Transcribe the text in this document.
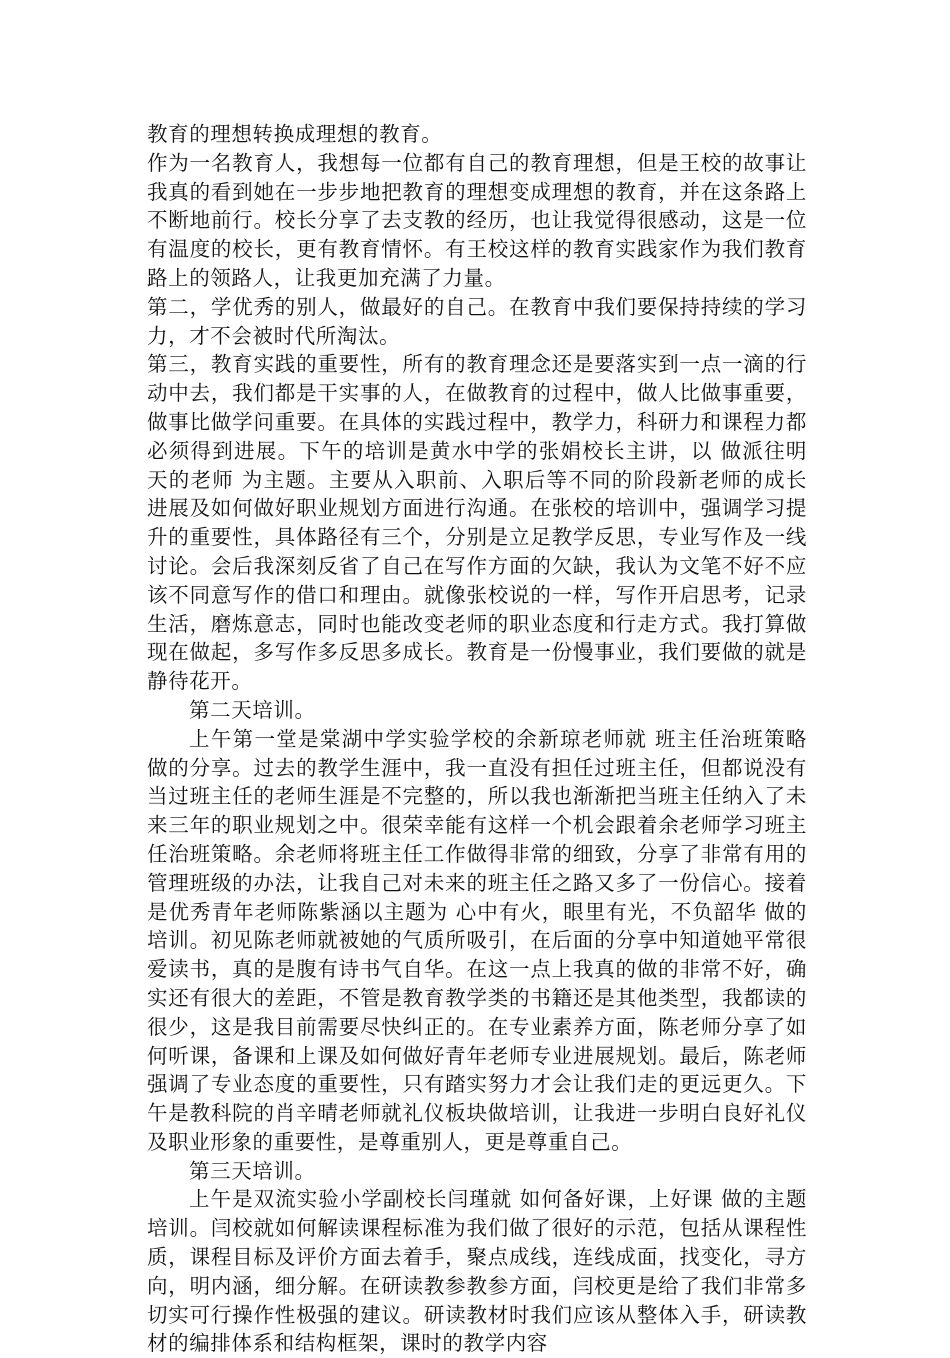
教育的理想转换成理想的教育。

作为一名教育人，我想每一位都有自己的教育理想，但是王校的故事让我真的看到她在一步步地把教育的理想变成理想的教育，并在这条路上不断地前行。校长分享了去支教的经历，也让我觉得很感动，这是一位有温度的校长，更有教育情怀。有王校这样的教育实践家作为我们教育路上的领路人，让我更加充满了力量。

第二，学优秀的别人，做最好的自己。在教育中我们要保持持续的学习力，才不会被时代所淘汰。

第三，教育实践的重要性，所有的教育理念还是要落实到一点一滴的行动中去，我们都是干实事的人，在做教育的过程中，做人比做事重要，做事比做学问重要。在具体的实践过程中，教学力，科研力和课程力都必须得到进展。下午的培训是黄水中学的张娟校长主讲，以 做派往明天的老师 为主题。主要从入职前、入职后等不同的阶段新老师的成长进展及如何做好职业规划方面进行沟通。在张校的培训中，强调学习提升的重要性，具体路径有三个，分别是立足教学反思，专业写作及一线讨论。会后我深刻反省了自己在写作方面的欠缺，我认为文笔不好不应该不同意写作的借口和理由。就像张校说的一样，写作开启思考，记录生活，磨炼意志，同时也能改变老师的职业态度和行走方式。我打算做现在做起，多写作多反思多成长。教育是一份慢事业，我们要做的就是静待花开。

第二天培训。

上午第一堂是棠湖中学实验学校的余新琼老师就 班主任治班策略 做的分享。过去的教学生涯中，我一直没有担任过班主任，但都说没有当过班主任的老师生涯是不完整的，所以我也渐渐把当班主任纳入了未来三年的职业规划之中。很荣幸能有这样一个机会跟着余老师学习班主任治班策略。余老师将班主任工作做得非常的细致，分享了非常有用的管理班级的办法，让我自己对未来的班主任之路又多了一份信心。接着是优秀青年老师陈紫涵以主题为 心中有火，眼里有光，不负韶华 做的培训。初见陈老师就被她的气质所吸引，在后面的分享中知道她平常很爱读书，真的是腹有诗书气自华。在这一点上我真的做的非常不好，确实还有很大的差距，不管是教育教学类的书籍还是其他类型，我都读的很少，这是我目前需要尽快纠正的。在专业素养方面，陈老师分享了如何听课，备课和上课及如何做好青年老师专业进展规划。最后，陈老师强调了专业态度的重要性，只有踏实努力才会让我们走的更远更久。下午是教科院的肖辛晴老师就礼仪板块做培训，让我进一步明白良好礼仪及职业形象的重要性，是尊重别人，更是尊重自己。

第三天培训。

上午是双流实验小学副校长闫瑾就 如何备好课，上好课 做的主题培训。闫校就如何解读课程标准为我们做了很好的示范，包括从课程性质，课程目标及评价方面去着手，聚点成线，连线成面，找变化，寻方向，明内涵，细分解。在研读教参教参方面，闫校更是给了我们非常多切实可行操作性极强的建议。研读教材时我们应该从整体入手，研读教材的编排体系和结构框架，课时的教学内容
